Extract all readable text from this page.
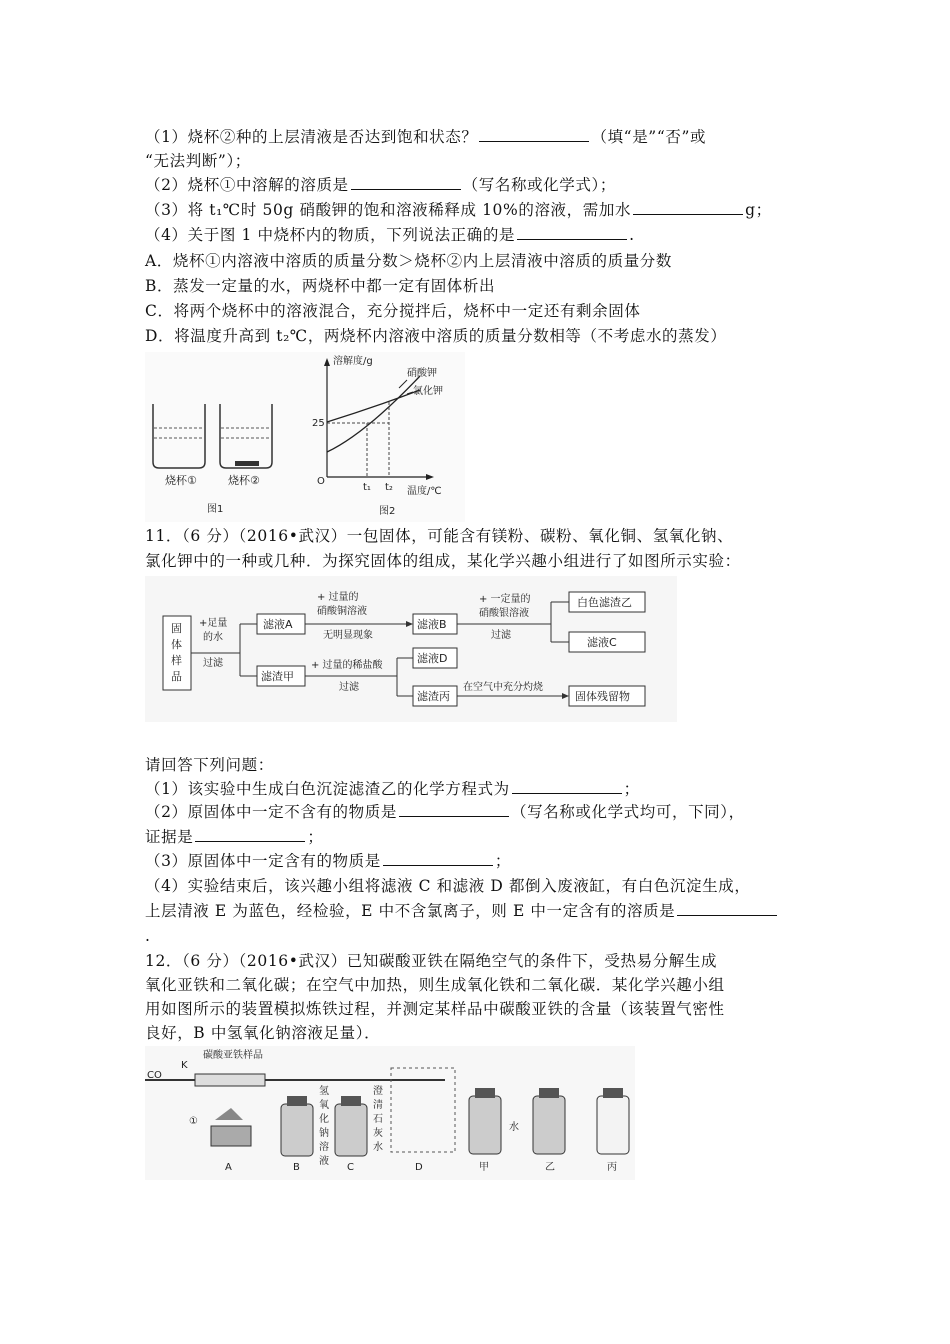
（1）烧杯②种的上层清液是否达到饱和状态？	（填“是”“否”或
“无法判断”）；
（2）烧杯①中溶解的溶质是	（写名称或化学式）；
（3）将 t₁℃时 50g 硝酸钾的饱和溶液稀释成 10%的溶液，需加水	g；
（4）关于图 1 中烧杯内的物质，下列说法正确的是	.
A．烧杯①内溶液中溶质的质量分数＞烧杯②内上层清液中溶质的质量分数
B．蒸发一定量的水，两烧杯中都一定有固体析出
C．将两个烧杯中的溶液混合，充分搅拌后，烧杯中一定还有剩余固体
D．将温度升高到 t₂℃，两烧杯内溶液中溶质的质量分数相等（不考虑水的蒸发）
烧杯①	烧杯②
图1
溶解度/g
硝酸钾
氯化钾
25
O
t₁ t₂ 温度/℃
图2
11．（6 分）（2016•武汉）一包固体，可能含有镁粉、碳粉、氧化铜、氢氧化钠、
氯化钾中的一种或几种．为探究固体的组成，某化学兴趣小组进行了如图所示实验：
固
体
样
品
+足量
的水
过滤
滤液A
+ 过量的
硝酸铜溶液
无明显现象
滤液B
+ 一定量的
硝酸银溶液
过滤
白色滤渣乙
滤液C
滤渣甲
+ 过量的稀盐酸
过滤
滤液D
滤渣丙
在空气中充分灼烧
固体残留物
请回答下列问题：
（1）该实验中生成白色沉淀滤渣乙的化学方程式为	；
（2）原固体中一定不含有的物质是	（写名称或化学式均可，下同），
证据是	；
（3）原固体中一定含有的物质是	；
（4）实验结束后，该兴趣小组将滤液 C 和滤液 D 都倒入废液缸，有白色沉淀生成，
上层清液 E 为蓝色，经检验，E 中不含氯离子，则 E 中一定含有的溶质是
.
12．（6 分）（2016•武汉）已知碳酸亚铁在隔绝空气的条件下，受热易分解生成
氧化亚铁和二氧化碳；在空气中加热，则生成氧化铁和二氧化碳．某化学兴趣小组
用如图所示的装置模拟炼铁过程，并测定某样品中碳酸亚铁的含量（该装置气密性
良好，B 中氢氧化钠溶液足量）．
碳酸亚铁样品
CO
K
①
氢
氧
化
钠
溶
液
澄
清
石
灰
水
水
A	B	C	D	甲	乙	丙
